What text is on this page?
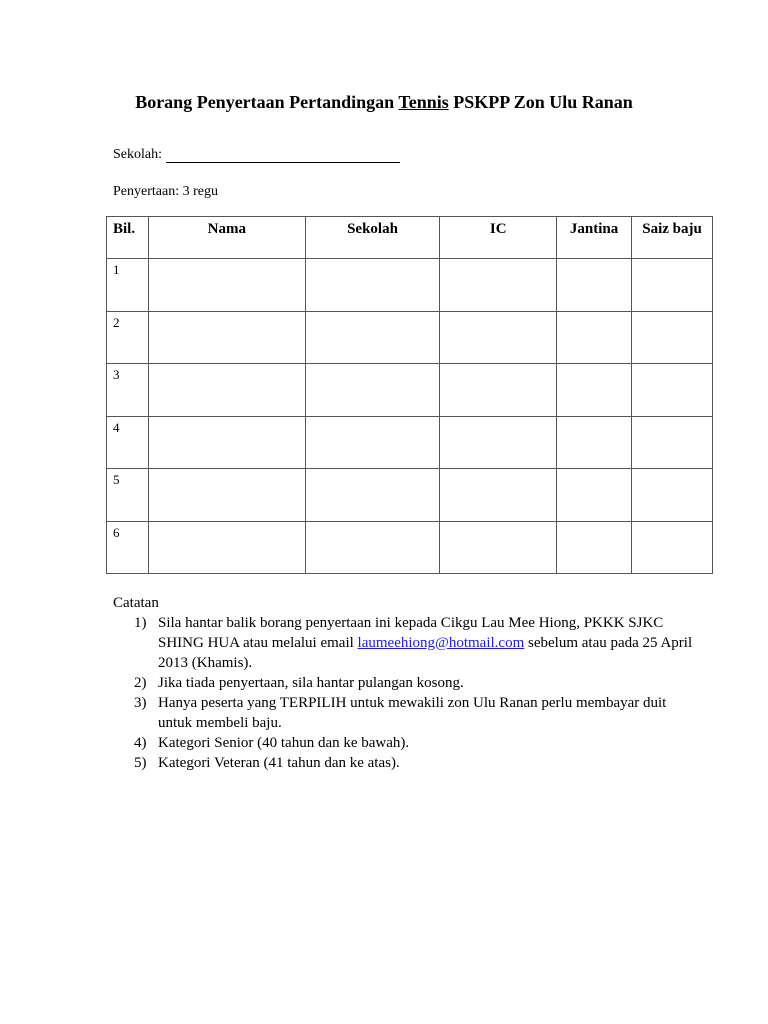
Borang Penyertaan Pertandingan Tennis PSKPP Zon Ulu Ranan
Sekolah:
Penyertaan: 3 regu
Bil.	Nama	Sekolah	IC	Jantina	Saiz baju
1					
2					
3					
4					
5					
6					
Catatan
1) Sila hantar balik borang penyertaan ini kepada Cikgu Lau Mee Hiong, PKKK SJKC SHING HUA atau melalui email laumeehiong@hotmail.com sebelum atau pada 25 April 2013 (Khamis).
2) Jika tiada penyertaan, sila hantar pulangan kosong.
3) Hanya peserta yang TERPILIH untuk mewakili zon Ulu Ranan perlu membayar duit untuk membeli baju.
4) Kategori Senior (40 tahun dan ke bawah).
5) Kategori Veteran (41 tahun dan ke atas).
